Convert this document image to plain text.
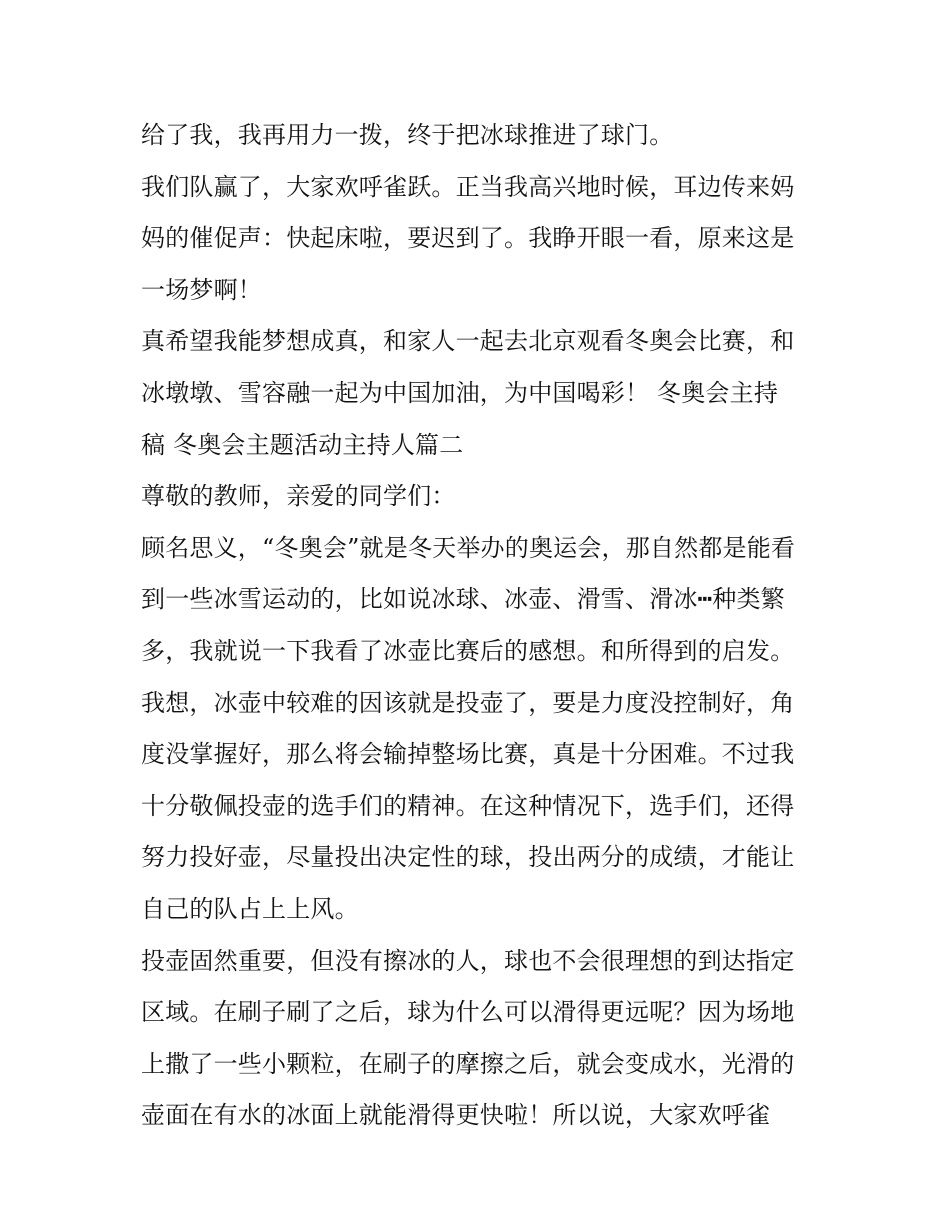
给了我，我再用力一拨，终于把冰球推进了球门。
我们队赢了，大家欢呼雀跃。正当我高兴地时候，耳边传来妈
妈的催促声：快起床啦，要迟到了。我睁开眼一看，原来这是
一场梦啊！
真希望我能梦想成真，和家人一起去北京观看冬奥会比赛，和
冰墩墩、雪容融一起为中国加油，为中国喝彩！ 冬奥会主持
稿 冬奥会主题活动主持人篇二
尊敬的教师，亲爱的同学们：
顾名思义，“冬奥会”就是冬天举办的奥运会，那自然都是能看
到一些冰雪运动的，比如说冰球、冰壶、滑雪、滑冰┅种类繁
多，我就说一下我看了冰壶比赛后的感想。和所得到的启发。
我想，冰壶中较难的因该就是投壶了，要是力度没控制好，角
度没掌握好，那么将会输掉整场比赛，真是十分困难。不过我
十分敬佩投壶的选手们的精神。在这种情况下，选手们，还得
努力投好壶，尽量投出决定性的球，投出两分的成绩，才能让
自己的队占上上风。
投壶固然重要，但没有擦冰的人，球也不会很理想的到达指定
区域。在刷子刷了之后，球为什么可以滑得更远呢？因为场地
上撒了一些小颗粒，在刷子的摩擦之后，就会变成水，光滑的
壶面在有水的冰面上就能滑得更快啦！所以说，大家欢呼雀
